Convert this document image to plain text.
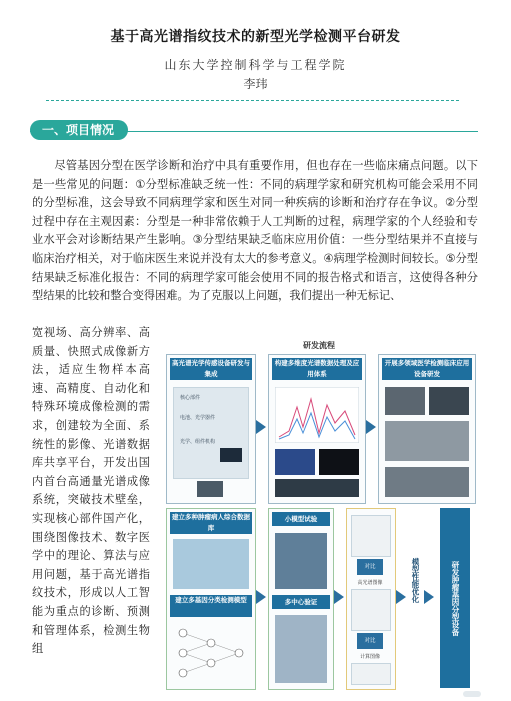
基于高光谱指纹技术的新型光学检测平台研发
山东大学控制科学与工程学院
李玮
一、项目情况
尽管基因分型在医学诊断和治疗中具有重要作用，但也存在一些临床痛点问题。以下是一些常见的问题：①分型标准缺乏统一性：不同的病理学家和研究机构可能会采用不同的分型标准，这会导致不同病理学家和医生对同一种疾病的诊断和治疗存在争议。②分型过程中存在主观因素：分型是一种非常依赖于人工判断的过程，病理学家的个人经验和专业水平会对诊断结果产生影响。③分型结果缺乏临床应用价值：一些分型结果并不直接与临床治疗相关，对于临床医生来说并没有太大的参考意义。④病理学检测时间较长。⑤分型结果缺乏标准化报告：不同的病理学家可能会使用不同的报告格式和语言，这使得各种分型结果的比较和整合变得困难。为了克服以上问题，我们提出一种无标记、
宽视场、高分辨率、高质量、快照式成像新方法，适应生物样本高速、高精度、自动化和特殊环境成像检测的需求，创建较为全面、系统性的影像、光谱数据库共享平台，开发出国内首台高通量光谱成像系统，突破技术壁垒，实现核心部件国产化，围绕图像技术、数字医学中的理论、算法与应用问题，基于高光谱指纹技术，形成以人工智能为重点的诊断、预测和管理体系，检测生物组
研发流程
高光谱光学传感设备研发与集成
核心部件
电池、光学器件
光学、组件机构
构建多维度光谱数据处理及应用体系
开展多领域医学检测临床应用设备研发
建立多种肿瘤病人综合数据库
建立多基因分类检测模型
小模型试验
多中心验证
对比
高光谱图像
对比
计算图像
模型性能优化	研发肿瘤基因分型设备
